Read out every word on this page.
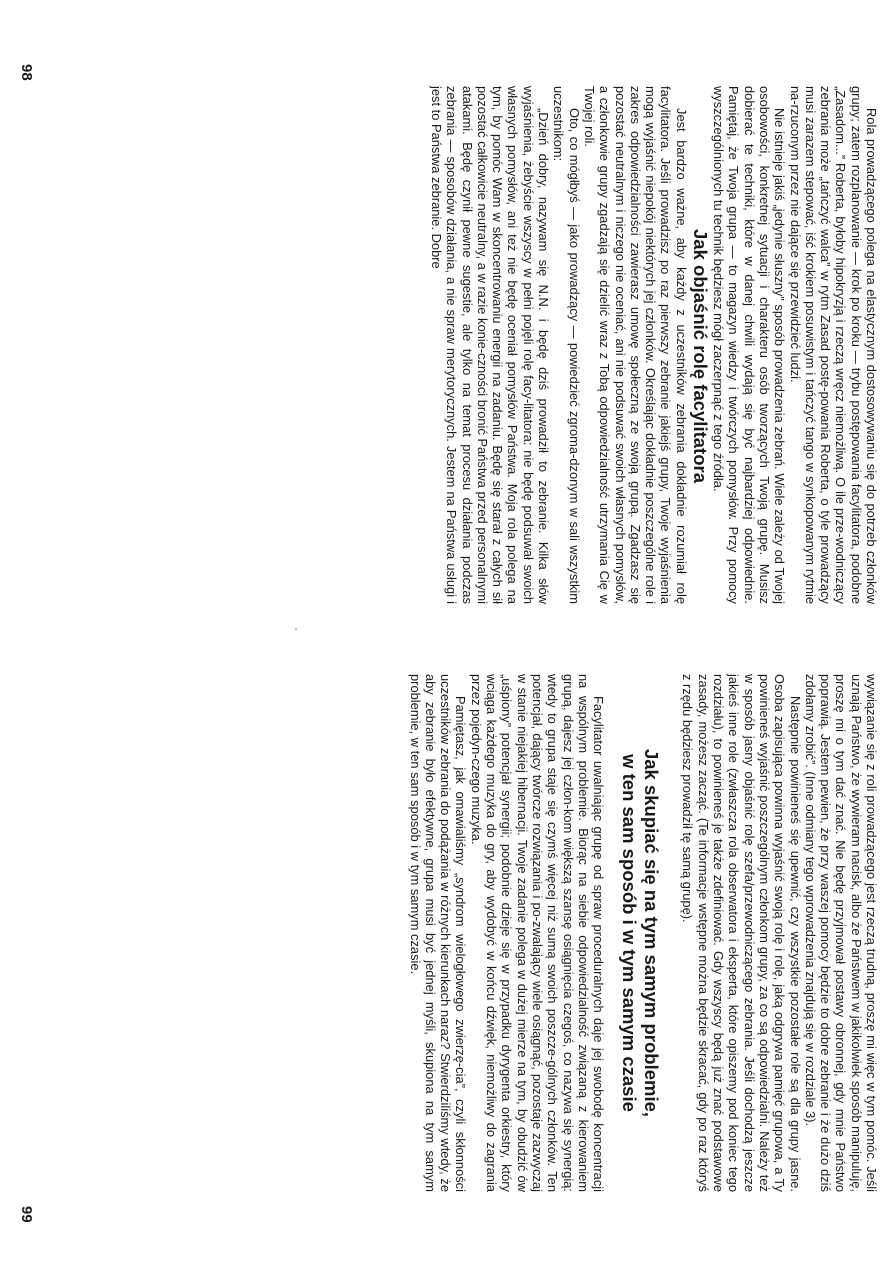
Rola prowadzącego polega na elastycznym dostosowywaniu się do potrzeb członków grupy; zatem rozplanowanie — krok po kroku — trybu postępowania facylitatora, podobne „Zasadom...” Roberta, byłoby hipokryzją i rzeczą wręcz niemożliwą. O ile prze-wodniczący zebrania może „tańczyć walca” w rytm Zasad postę-powania Roberta, o tyle prowadzący musi zarazem stepować, iść krokiem posuwistym i tańczyć tango w synkopowanym rytmie na-rzuconym przez nie dające się przewidzieć ludzi.

Nie istnieje jakiś „jedynie słuszny” sposób prowadzenia zebrań. Wiele zależy od Twojej osobowości, konkretnej sytuacji i charakteru osób tworzących Twoją grupę. Musisz dobierać te techniki, które w danej chwili wydają się być najbardziej odpowiednie. Pamiętaj, że Twoja grupa — to magazyn wiedzy i twórczych pomysłów. Przy pomocy wyszczególnionych tu technik będziesz mógł zaczerpnąć z tego źródła.

Jak objaśnić rolę facylitatora

Jest bardzo ważne, aby każdy z uczestników zebrania dokładnie rozumiał rolę facylitatora. Jeśli prowadzisz po raz pierwszy zebranie jakiejś grupy, Twoje wyjaśnienia mogą wyjaśnić niepokój niektórych jej członków. Określając dokładnie poszczególne role i zakres odpowiedzialności zawierasz umowę społeczną ze swoją grupą. Zgadzasz się pozostać neutralnym i niczego nie oceniać, ani nie podsuwać swoich własnych pomysłów, a członkowie grupy zgadzają się dzielić wraz z Tobą odpowiedzialność utrzymania Cię w Twojej roli.

Oto, co mógłbyś — jako prowadzący — powiedzieć zgroma-dzonym w sali wszystkim uczestnikom:

„Dzień dobry, nazywam się N.N. i będę dziś prowadził to zebranie. Kilka słów wyjaśnienia, żebyście wszyscy w pełni pojęli rolę facy-litatora: nie będę podsuwał swoich własnych pomysłów, ani też nie będę oceniał pomysłów Państwa. Moja rola polega na tym, by pomóc Wam w skoncentrowaniu energii na zadaniu. Będę się starał z całych sił pozostać całkowicie neutralny, a w razie konie-czności bronić Państwa przed personalnymi atakami. Będę czynił pewne sugestie, ale tylko na temat procesu działania podczas zebrania — sposobów działania, a nie spraw merytorycznych. Jestem na Państwa usługi i jest to Państwa zebranie. Dobre

98

wywiązanie się z roli prowadzącego jest rzeczą trudną, proszę mi więc w tym pomóc. Jeśli uznają Państwo, że wywieram nacisk, albo że Państwem w jakikolwiek sposób manipuluję, proszę mi o tym dać znać. Nie będę przyjmował postawy obronnej, gdy mnie Państwo poprawią. Jestem pewien, że przy waszej pomocy będzie to dobre zebranie i że dużo dziś zdołamy zrobić”. (Inne odmiany tego wprowadzenia znajdują się w rozdziale 3).

Następnie powinieneś się upewnić, czy wszystkie pozostałe role są dla grupy jasne. Osoba zapisująca powinna wyjaśnić swoją rolę i rolę, jaką odgrywa pamięć grupowa, a Ty powinieneś wyjaśnić poszczególnym członkom grupy, za co są odpowiedzialni. Należy też w sposób jasny objaśnić rolę szefa/przewodniczącego zebrania. Jeśli dochodzą jeszcze jakieś inne role (zwłaszcza rola obserwatora i eksperta, które opiszemy pod koniec tego rozdziału), to powinieneś je także zdefiniować. Gdy wszyscy będą już znać podstawowe zasady, możesz zacząć. (Te informacje wstępne można będzie skracać, gdy po raz któryś z rzędu będziesz prowadził tę samą grupę).

Jak skupiać się na tym samym problemie,
w ten sam sposób i w tym samym czasie

Facylitator uwalniając grupę od spraw proceduralnych daje jej swobodę koncentracji na wspólnym problemie. Biorąc na siebie odpowiedzialność związaną z kierowaniem grupą, dajesz jej człon-kom większą szansę osiągnięcia czegoś, co nazywa się synergią: wtedy to grupa staje się czymś więcej niż sumą swoich poszcze-gólnych członków. Ten potencjał, dający twórcze rozwiązania i po-zwalający wiele osiągnąć, pozostaje zazwyczaj w stanie niejakiej hibernacji. Twoje zadanie polega w dużej mierze na tym, by obudzić ów „uśpiony” potencjał synergii; podobnie dzieje się w przypadku dyrygenta orkiestry, który wciąga każdego muzyka do gry, aby wydobyć w końcu dźwięk, niemożliwy do zagrania przez pojedyn-czego muzyka.

Pamiętasz, jak omawialiśmy „syndrom wielogłowego zwierzę-cia”, czyli skłonności uczestników zebrania do podążania w różnych kierunkach naraz? Stwierdziliśmy wtedy, że aby zebranie było efektywne, grupa musi być jednej myśli, skupiona na tym samym problemie, w ten sam sposób i w tym samym czasie.

99
